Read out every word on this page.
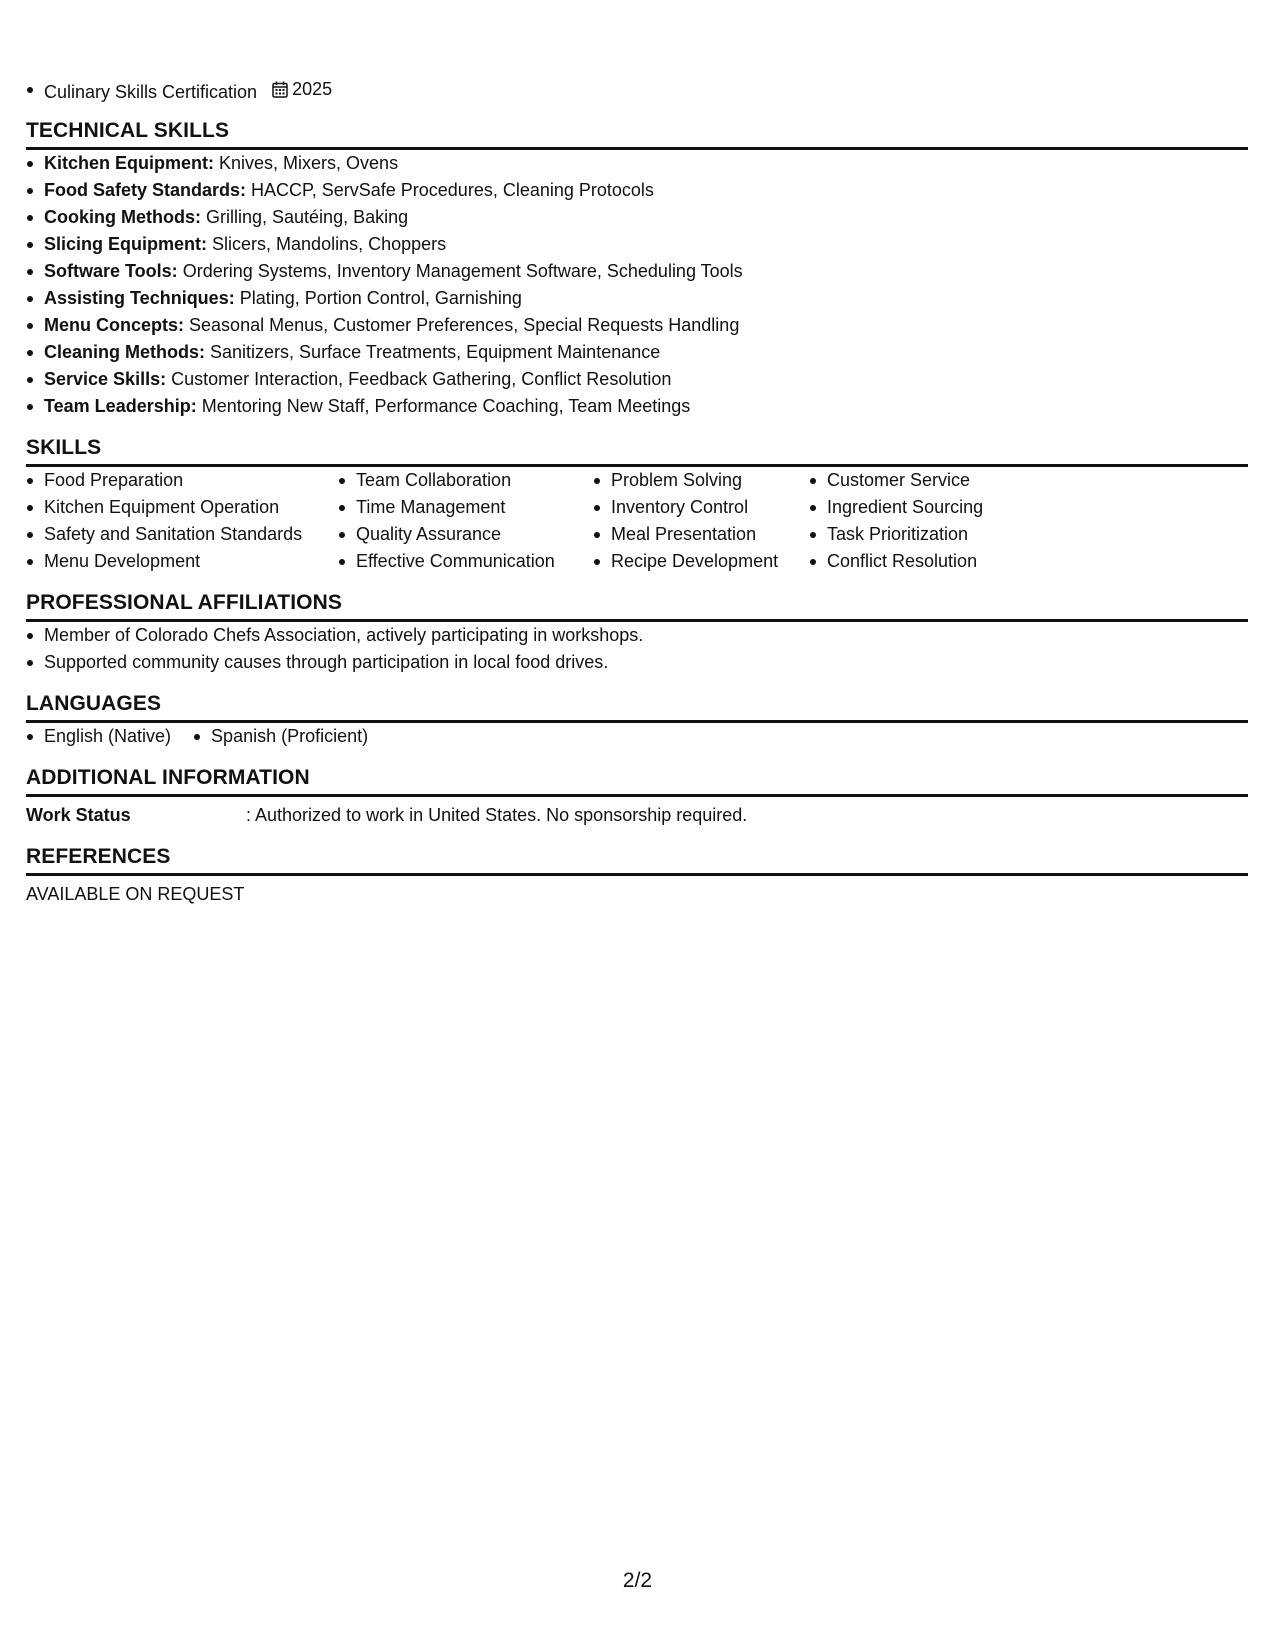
Culinary Skills Certification 2025
TECHNICAL SKILLS
Kitchen Equipment: Knives, Mixers, Ovens
Food Safety Standards: HACCP, ServSafe Procedures, Cleaning Protocols
Cooking Methods: Grilling, Sautéing, Baking
Slicing Equipment: Slicers, Mandolins, Choppers
Software Tools: Ordering Systems, Inventory Management Software, Scheduling Tools
Assisting Techniques: Plating, Portion Control, Garnishing
Menu Concepts: Seasonal Menus, Customer Preferences, Special Requests Handling
Cleaning Methods: Sanitizers, Surface Treatments, Equipment Maintenance
Service Skills: Customer Interaction, Feedback Gathering, Conflict Resolution
Team Leadership: Mentoring New Staff, Performance Coaching, Team Meetings
SKILLS
Food Preparation	Team Collaboration	Problem Solving	Customer Service
Kitchen Equipment Operation	Time Management	Inventory Control	Ingredient Sourcing
Safety and Sanitation Standards	Quality Assurance	Meal Presentation	Task Prioritization
Menu Development	Effective Communication	Recipe Development	Conflict Resolution
PROFESSIONAL AFFILIATIONS
Member of Colorado Chefs Association, actively participating in workshops.
Supported community causes through participation in local food drives.
LANGUAGES
English (Native)	Spanish (Proficient)
ADDITIONAL INFORMATION
Work Status	: Authorized to work in United States. No sponsorship required.
REFERENCES
AVAILABLE ON REQUEST
2/2
